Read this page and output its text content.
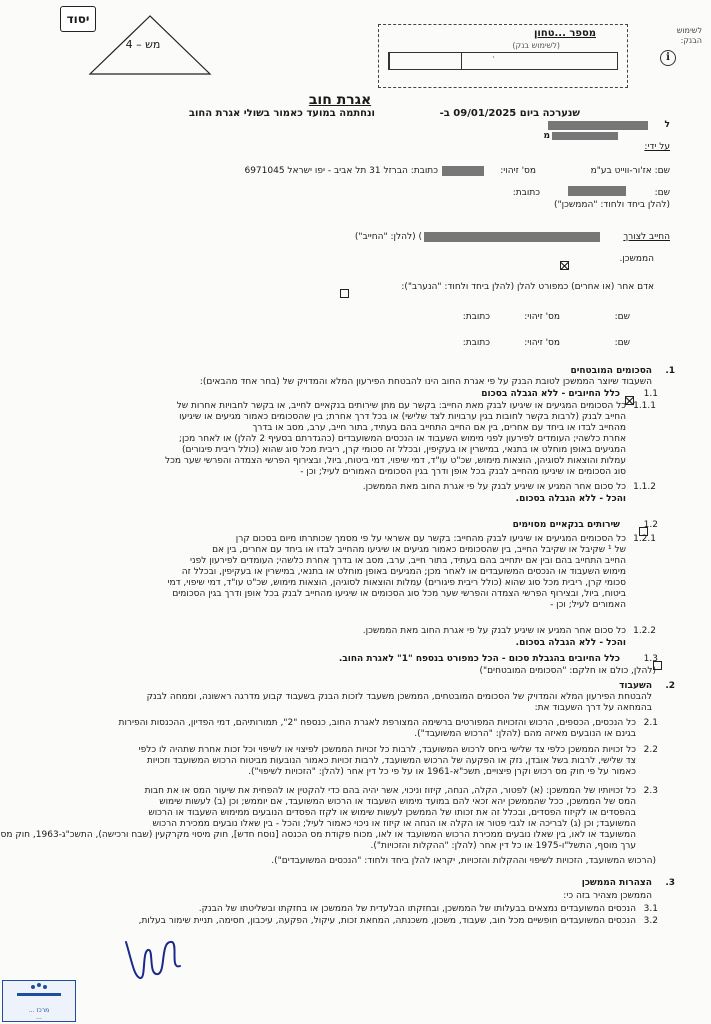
יסוד
מש – 4
מספר ...טחון
(לשימוש בנק)
·
לשימוש
הבנק:
i
אגרת חוב
שנערכה ביום 09/01/2025 ב-
ונחתמה במועד כאמור בשולי אגרת החוב
ל
מ
על ידי:
שם: אז'ור-ווייט בע"מ
מס' זיהוי:
כתובת: הברזל 31 תל אביב - יפו ישראל 6971045
שם:
כתובת:
(להלן ביחד ולחוד: "הממשכן")
החייב לצורך
) (להלן: "החייב")
הממשכן.
אדם אחר (או אחרים) כמפורט להלן (להלן ביחד ולחוד: "הנערב"):
שם:
מס' זיהוי:
כתובת:
שם:
מס' זיהוי:
כתובת:
1.
הסכומים המובטחים
השעבוד שיוצר הממשכן לטובת הבנק על פי אגרת החוב הינו להבטחת הפירעון המלא והמדויק של (בחר אחד מהבאים):
1.1

כלל החיובים - ללא הגבלה בסכום
1.1.1
כל הסכומים המגיעים או שיגיעו לבנק מאת החייב: בקשר עם מתן שירותים בנקאיים לחייב, או בקשר לחבויות אחרות של
החייב לבנק (לרבות בקשר לחובות בגין ערבויות לצד שלישי) או בכל דרך אחרת; בין שהסכומים כאמור מגיעים או שיגיעו
מהחייב לבדו או ביחד עם אחרים, בין אם החייב התחייב בהם בעתיד, בתור חייב, ערב, מסב או בדרך
אחרת כלשהי; העומדים לפירעון לפני מימוש השעבוד או הנכסים המשועבדים (כהגדרתם בסעיף 2 להלן) או לאחר מכן;
המגיעים באופן מוחלט או בתנאי, במישרין או בעקיפין, ובכלל זה סכומי קרן, ריבית מכל סוג שהוא (כולל ריבית פיגורים)
עמלות והוצאות לסוגיהן, הוצאות מימוש, שכ"ט עו"ד, דמי שיפוי, דמי ביטוח, ביול, ובצירוף הפרשי הצמדה והפרשי שער מכל
סוג הסכומים או שיגיעו מהחייב לבנק בכל אופן ודרך בגין הסכומים האמורים לעיל; וכן -
1.1.2
כל סכום אחר המגיע או שיגיע לבנק על פי אגרת החוב מאת הממשכן.
והכל - ללא הגבלה בסכום.
1.2

שירותים בנקאיים מסוימים
1.2.1
כל הסכומים המגיעים או שיגיעו לבנק מהחייב: בקשר עם אשראי על פי מסמך שכותרתו מיום בסכום קרן
של ¹ שקיבל או שקיבל החייב, בין שהסכומים כאמור מגיעים או שיגיעו מהחייב לבדו או ביחד עם אחרים, בין אם
החייב התחייב בהם ובין אם יתחייב בהם בעתיד, בתור חייב, ערב, מסב או בדרך אחרת כלשהי; העומדים לפירעון לפני
מימוש השעבוד או הנכסים המשועבדים או לאחר מכן; המגיעים באופן מוחלט או בתנאי, במישרין או בעקיפין, ובכלל זה
סכומי קרן, ריבית מכל סוג שהוא (כולל ריבית פיגורים) עמלות והוצאות לסוגיהן, הוצאות מימוש, שכ"ט עו"ד, דמי שיפוי, דמי
ביטוח, ביול, ובצירוף הפרשי הצמדה והפרשי שער מכל סוג הסכומים או שיגיעו מהחייב לבנק בכל אופן ודרך בגין הסכומים
האמורים לעיל; וכן -
1.2.2
כל סכום אחר המגיע או שיגיע לבנק על פי אגרת החוב מאת הממשכן.
והכל - ללא הגבלה בסכום.
1.3
כלל החיובים בהגבלת סכום - הכל כמפורט בנספח "1" לאגרת החוב.
(להלן, כולם או חלקם: "הסכומים המובטחים")
2.
השעבוד
להבטחת הפירעון המלא והמדויק של הסכומים המובטחים, הממשכן משעבד לזכות הבנק בשעבוד קבוע מדרגה ראשונה, וממחה לבנק
בהמחאה על דרך השעבוד את:
2.1
כל הנכסים, הכספים, הרכוש והזכויות המפורטים ברשימה המצורפת לאגרת החוב, כנספח "2", תמורותיהם, דמי הפדיון, ההכנסות והפירות
בגינם או הנובעים מאיזה מהם (להלן: "הרכוש המשועבד").
2.2
כל זכויות הממשכן כלפי צד שלישי ביחס לרכוש המשועבד, לרבות כל זכויות הממשכן לפיצוי או לשיפוי וכל זכות אחרת שתהיה לו כלפי
צד שלישי, לרבות בשל אובדן, נזק או הפקעה של הרכוש המשועבד, לרבות זכויות כאמור הנובעות מביטוח הרכוש המשועבד וזכויות
כאמור על פי חוק מס רכוש וקרן פיצויים, תשכ"א-1961 או על פי כל דין אחר (להלן: "הזכויות לשיפוי").
2.3
כל זכויותיו של הממשכן: (א) לפטור, הקלה, הנחה, קיזוז וניכוי, אשר יהיה בהם כדי להקטין או להפחית את שיעור המס או את חבות
המס של הממשכן, ככל שהממשכן יהא זכאי להם במועד מימוש השעבוד או הרכוש המשועבד, אם יוממש; וכן (ב) לעשות שימוש
בהפסדים או לקיזוז הפסדים, ובכלל זה את זכותו של הממשכן לעשות שימוש או לקזז הפסדים הנובעים ממימוש השעבוד או הרכוש
המשועבד; וכן (ג) לבריכה או לגבי פטור או הקלה או הנחה או קיזוז או ניכוי כאמור לעיל; והכל - בין שאלו נובעים ממכירת הרכוש
המשועבד או לאו, בין שאלו נובעים ממכירת הרכוש המשועבד או לאו, מכוח פקודת מס הכנסה [נוסח חדש], חוק מיסוי מקרקעין (שבח ורכישה), התשכ"ג-1963, חוק מס
ערך מוסף, התשל"ו-1975 או כל דין אחר (להלן: "ההקלות והזכויות").
(הרכוש המשועבד, הזכויות לשיפוי וההקלות והזכויות, יקראו להלן ביחד ולחוד: "הנכסים המשועבדים").
3.
הצהרות הממשכן
הממשכן מצהיר בזה כי:
3.1
הנכסים המשועבדים נמצאים בבעלותו של הממשכן, ובחזקתו הבלעדית של הממשכן או בחזקתו ובשליטתו של הבנק.
3.2
הנכסים המשועבדים חופשיים מכל חוב, שעבוד, משכון, משכנתה, המחאת זכות, עיקול, הפקעה, עיכבון, חסימה, תניית שימור בעלות,
מרכז ...
...
